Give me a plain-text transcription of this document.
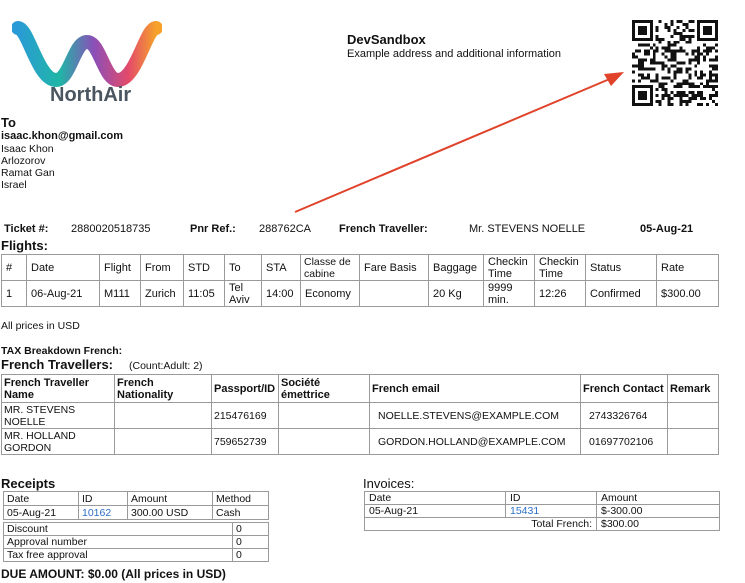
NorthAir
DevSandbox
Example address and additional information
To
isaac.khon@gmail.com
Isaac Khon
Arlozorov
Ramat Gan
Israel
Ticket #: 2880020518735	Pnr Ref.: 288762CA	French Traveller:	Mr. STEVENS NOELLE	05-Aug-21
Flights:
#	Date	Flight	From	STD	To	STA	Classe de cabine	Fare Basis	Baggage	Checkin Time	Checkin Time	Status	Rate
1	06-Aug-21	M111	Zurich	11:05	Tel Aviv	14:00	Economy		20 Kg	9999 min.	12:26	Confirmed	$300.00
All prices in USD
TAX Breakdown French:
French Travellers: (Count:Adult: 2)
French Traveller Name	French Nationality	Passport/ID	Société émettrice	French email	French Contact	Remark
MR. STEVENS NOELLE		215476169		NOELLE.STEVENS@EXAMPLE.COM	2743326764	
MR. HOLLAND GORDON		759652739		GORDON.HOLLAND@EXAMPLE.COM	01697702106	
Receipts
Date	ID	Amount	Method
05-Aug-21	10162	300.00 USD	Cash
Discount	0
Approval number	0
Tax free approval	0
Invoices:
Date	ID	Amount
05-Aug-21	15431	$-300.00
Total French:		$300.00
DUE AMOUNT: $0.00 (All prices in USD)
